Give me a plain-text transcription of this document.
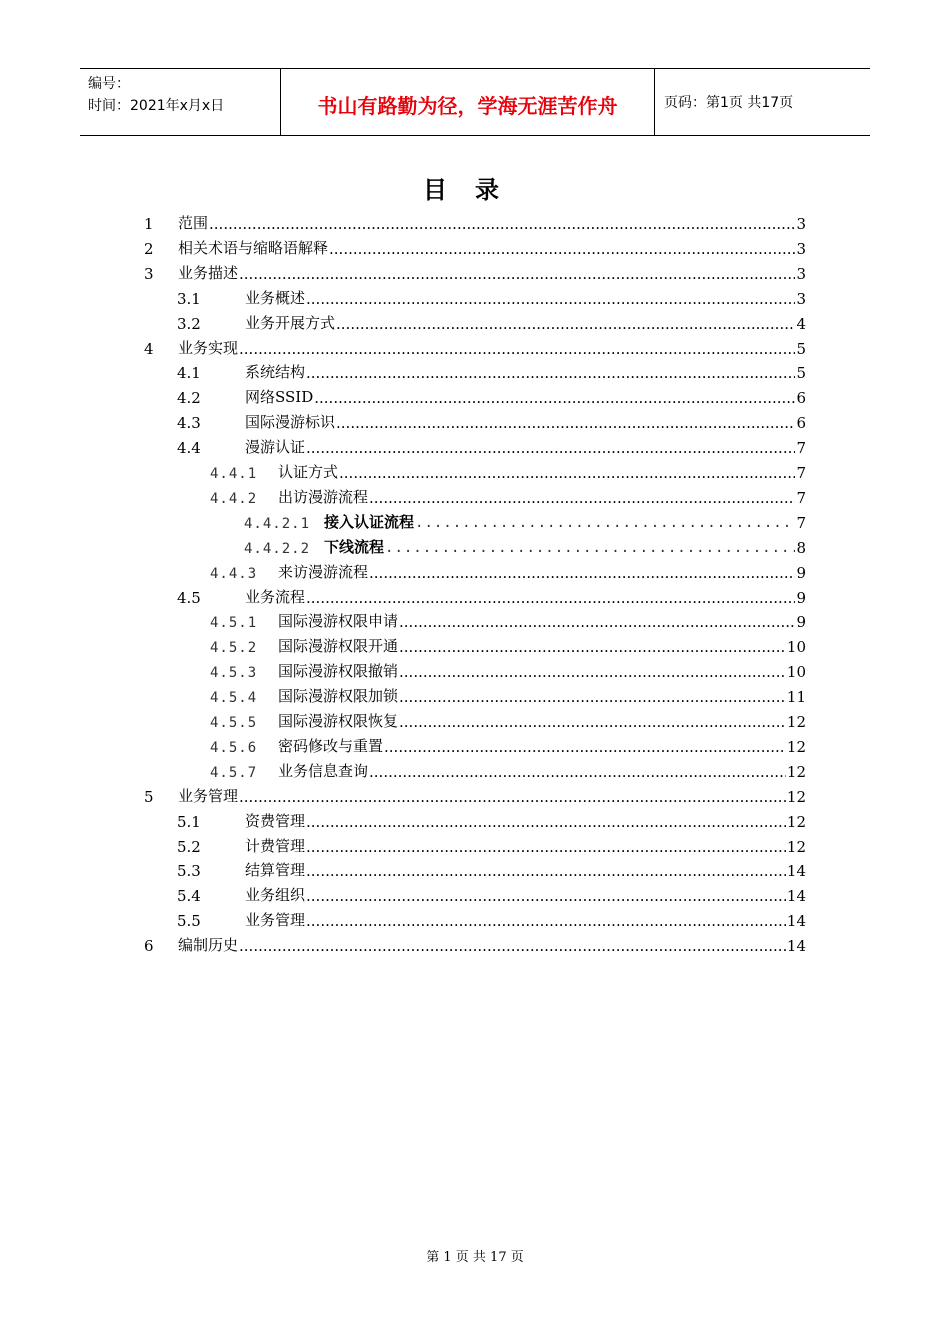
编号：
时间：2021年x月x日	书山有路勤为径，学海无涯苦作舟	页码：第1页 共17页
目录
1	范围 .....	3
2	相关术语与缩略语解释 .....	3
3	业务描述 .....	3
3.1	业务概述 .....	3
3.2	业务开展方式 .....	4
4	业务实现 .....	5
4.1	系统结构 .....	5
4.2	网络SSID .....	6
4.3	国际漫游标识 .....	6
4.4	漫游认证 .....	7
4.4.1	认证方式 .....	7
4.4.2	出访漫游流程 .....	7
4.4.2.1 接入认证流程 .....	7
4.4.2.2 下线流程 .....	8
4.4.3	来访漫游流程 .....	9
4.5	业务流程 .....	9
4.5.1	国际漫游权限申请 .....	9
4.5.2	国际漫游权限开通 .....	10
4.5.3	国际漫游权限撤销 .....	10
4.5.4	国际漫游权限加锁 .....	11
4.5.5	国际漫游权限恢复 .....	12
4.5.6	密码修改与重置 .....	12
4.5.7	业务信息查询 .....	12
5	业务管理 .....	12
5.1	资费管理 .....	12
5.2	计费管理 .....	12
5.3	结算管理 .....	14
5.4	业务组织 .....	14
5.5	业务管理 .....	14
6	编制历史 .....	14
第 1 页 共 17 页
